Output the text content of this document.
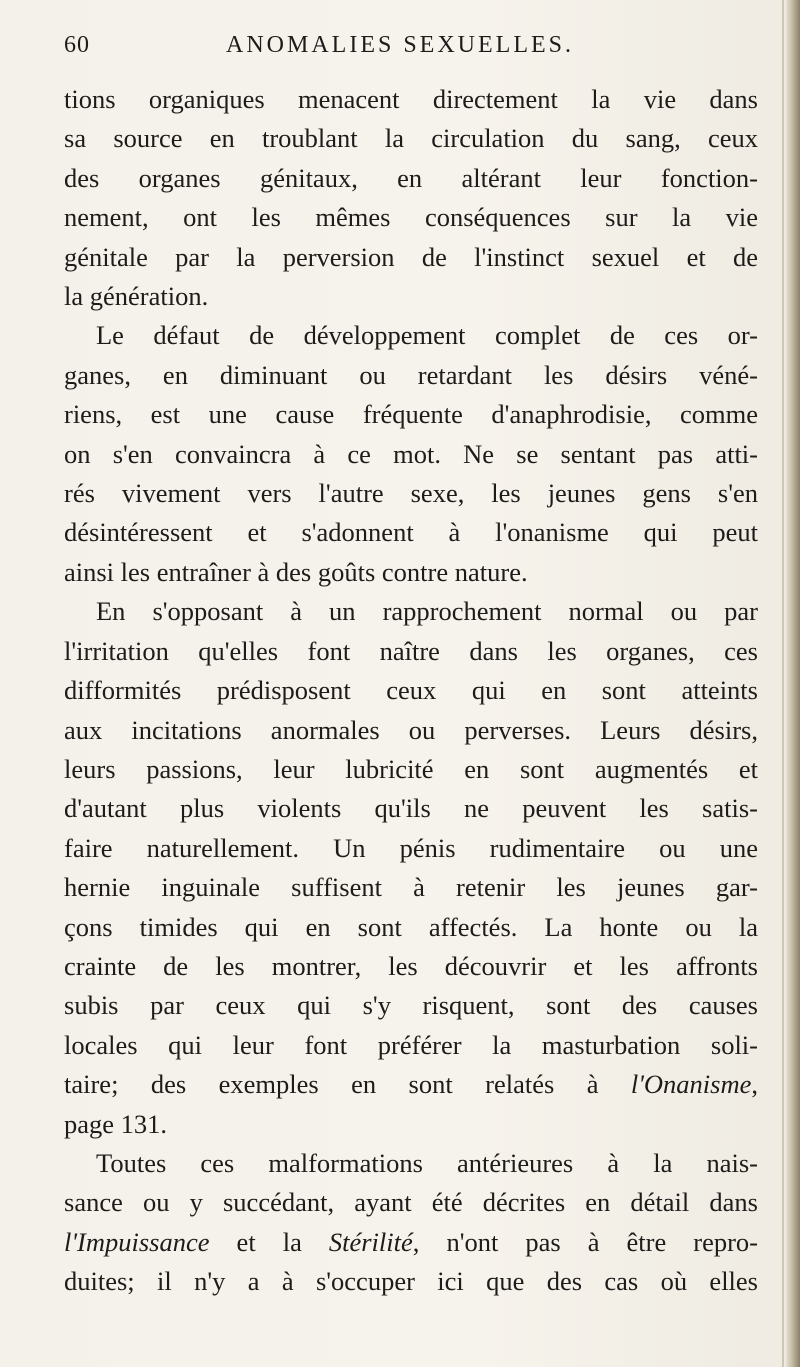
60	ANOMALIES SEXUELLES.

tions organiques menacent directement la vie dans

sa source en troublant la circulation du sang, ceux

des organes génitaux, en altérant leur fonction-

nement, ont les mêmes conséquences sur la vie

génitale par la perversion de l'instinct sexuel et de

la génération.

Le défaut de développement complet de ces or-

ganes, en diminuant ou retardant les désirs véné-

riens, est une cause fréquente d'anaphrodisie, comme

on s'en convaincra à ce mot. Ne se sentant pas atti-

rés vivement vers l'autre sexe, les jeunes gens s'en

désintéressent et s'adonnent à l'onanisme qui peut

ainsi les entraîner à des goûts contre nature.

En s'opposant à un rapprochement normal ou par

l'irritation qu'elles font naître dans les organes, ces

difformités prédisposent ceux qui en sont atteints

aux incitations anormales ou perverses. Leurs désirs,

leurs passions, leur lubricité en sont augmentés et

d'autant plus violents qu'ils ne peuvent les satis-

faire naturellement. Un pénis rudimentaire ou une

hernie inguinale suffisent à retenir les jeunes gar-

çons timides qui en sont affectés. La honte ou la

crainte de les montrer, les découvrir et les affronts

subis par ceux qui s'y risquent, sont des causes

locales qui leur font préférer la masturbation soli-

taire; des exemples en sont relatés à l'Onanisme,

page 131.

Toutes ces malformations antérieures à la nais-

sance ou y succédant, ayant été décrites en détail dans

l'Impuissance et la Stérilité, n'ont pas à être repro-

duites; il n'y a à s'occuper ici que des cas où elles
